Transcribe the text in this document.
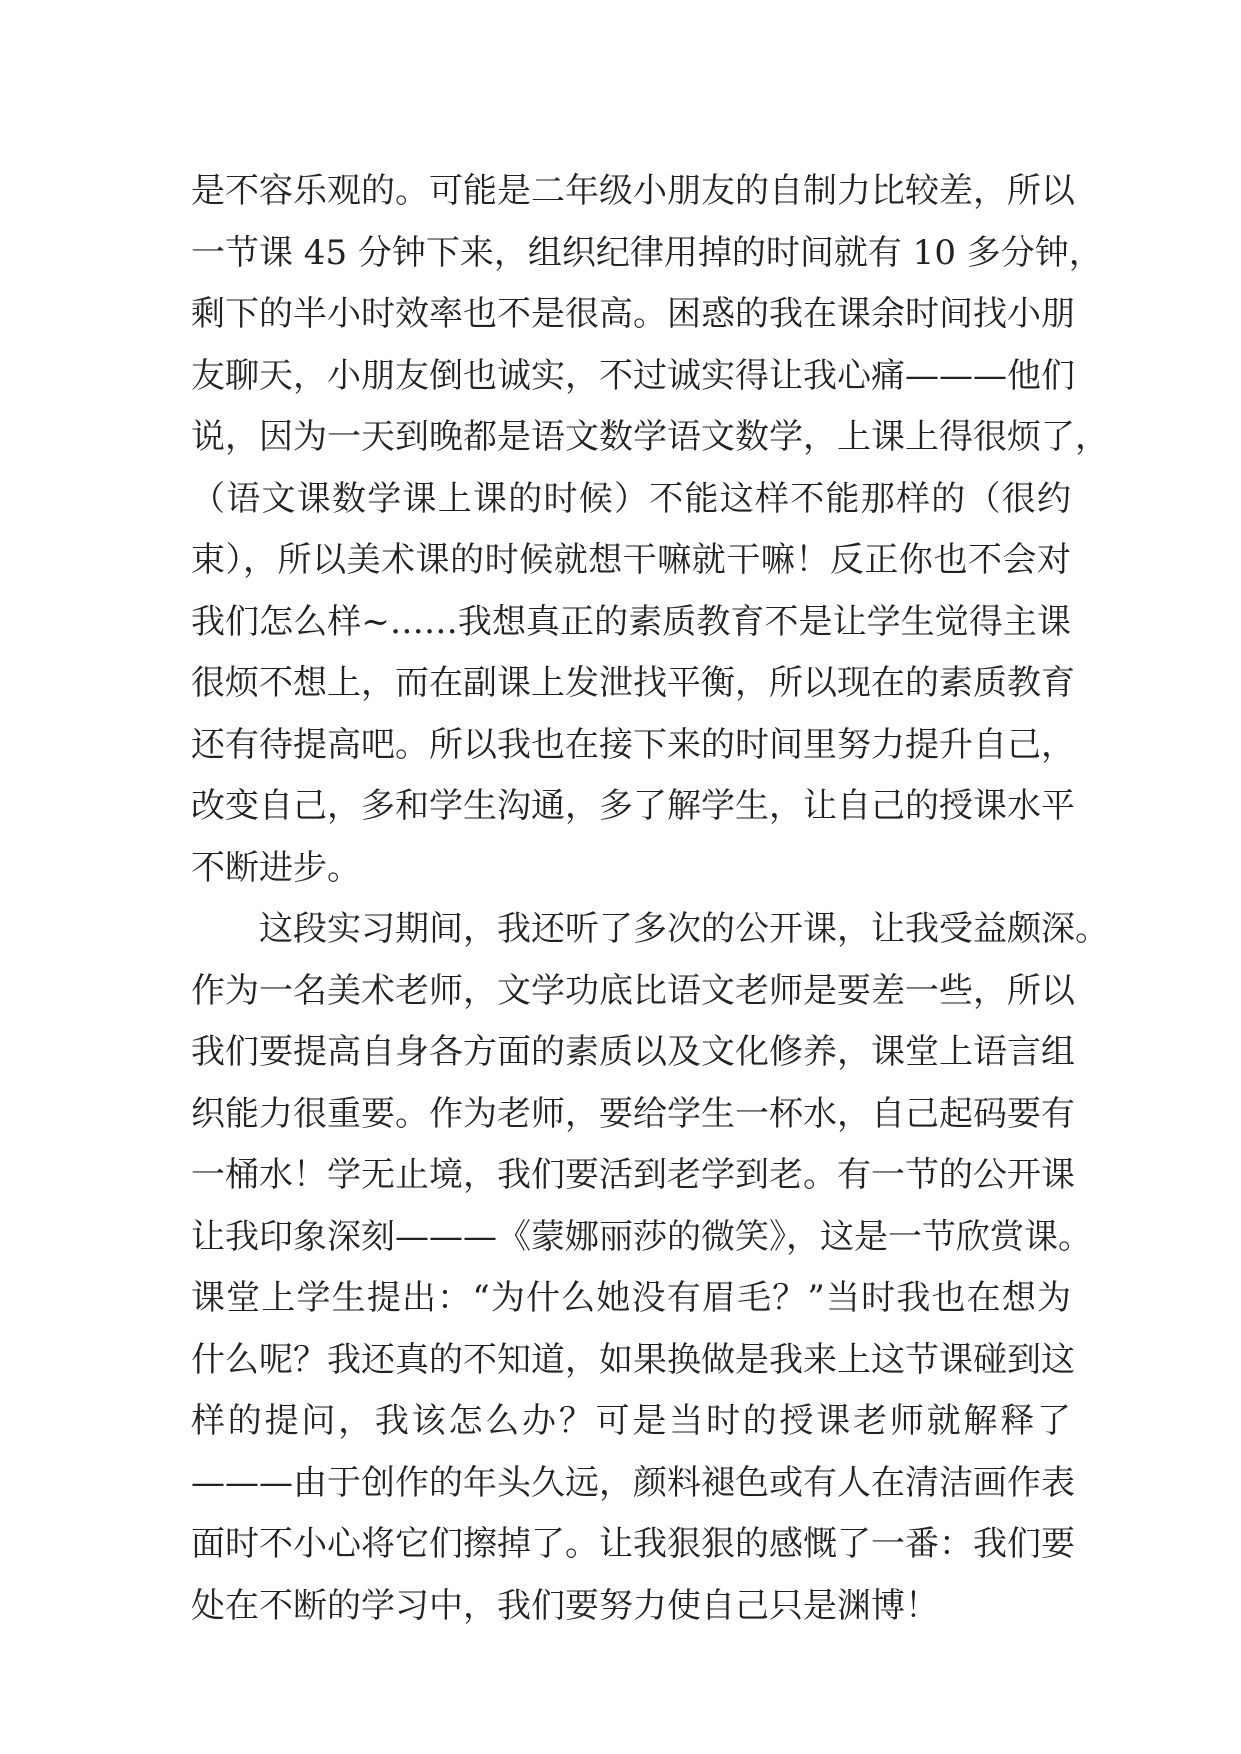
是不容乐观的。可能是二年级小朋友的自制力比较差，所以
一节课 45 分钟下来，组织纪律用掉的时间就有 10 多分钟，
剩下的半小时效率也不是很高。困惑的我在课余时间找小朋
友聊天，小朋友倒也诚实，不过诚实得让我心痛———他们
说，因为一天到晚都是语文数学语文数学，上课上得很烦了，
（语文课数学课上课的时候）不能这样不能那样的（很约
束），所以美术课的时候就想干嘛就干嘛！反正你也不会对
我们怎么样~……我想真正的素质教育不是让学生觉得主课
很烦不想上，而在副课上发泄找平衡，所以现在的素质教育
还有待提高吧。所以我也在接下来的时间里努力提升自己，
改变自己，多和学生沟通，多了解学生，让自己的授课水平
不断进步。
这段实习期间，我还听了多次的公开课，让我受益颇深。
作为一名美术老师，文学功底比语文老师是要差一些，所以
我们要提高自身各方面的素质以及文化修养，课堂上语言组
织能力很重要。作为老师，要给学生一杯水，自己起码要有
一桶水！学无止境，我们要活到老学到老。有一节的公开课
让我印象深刻———《蒙娜丽莎的微笑》，这是一节欣赏课。
课堂上学生提出：“为什么她没有眉毛？”当时我也在想为
什么呢？我还真的不知道，如果换做是我来上这节课碰到这
样的提问，我该怎么办？可是当时的授课老师就解释了
———由于创作的年头久远，颜料褪色或有人在清洁画作表
面时不小心将它们擦掉了。让我狠狠的感慨了一番：我们要
处在不断的学习中，我们要努力使自己只是渊博！
